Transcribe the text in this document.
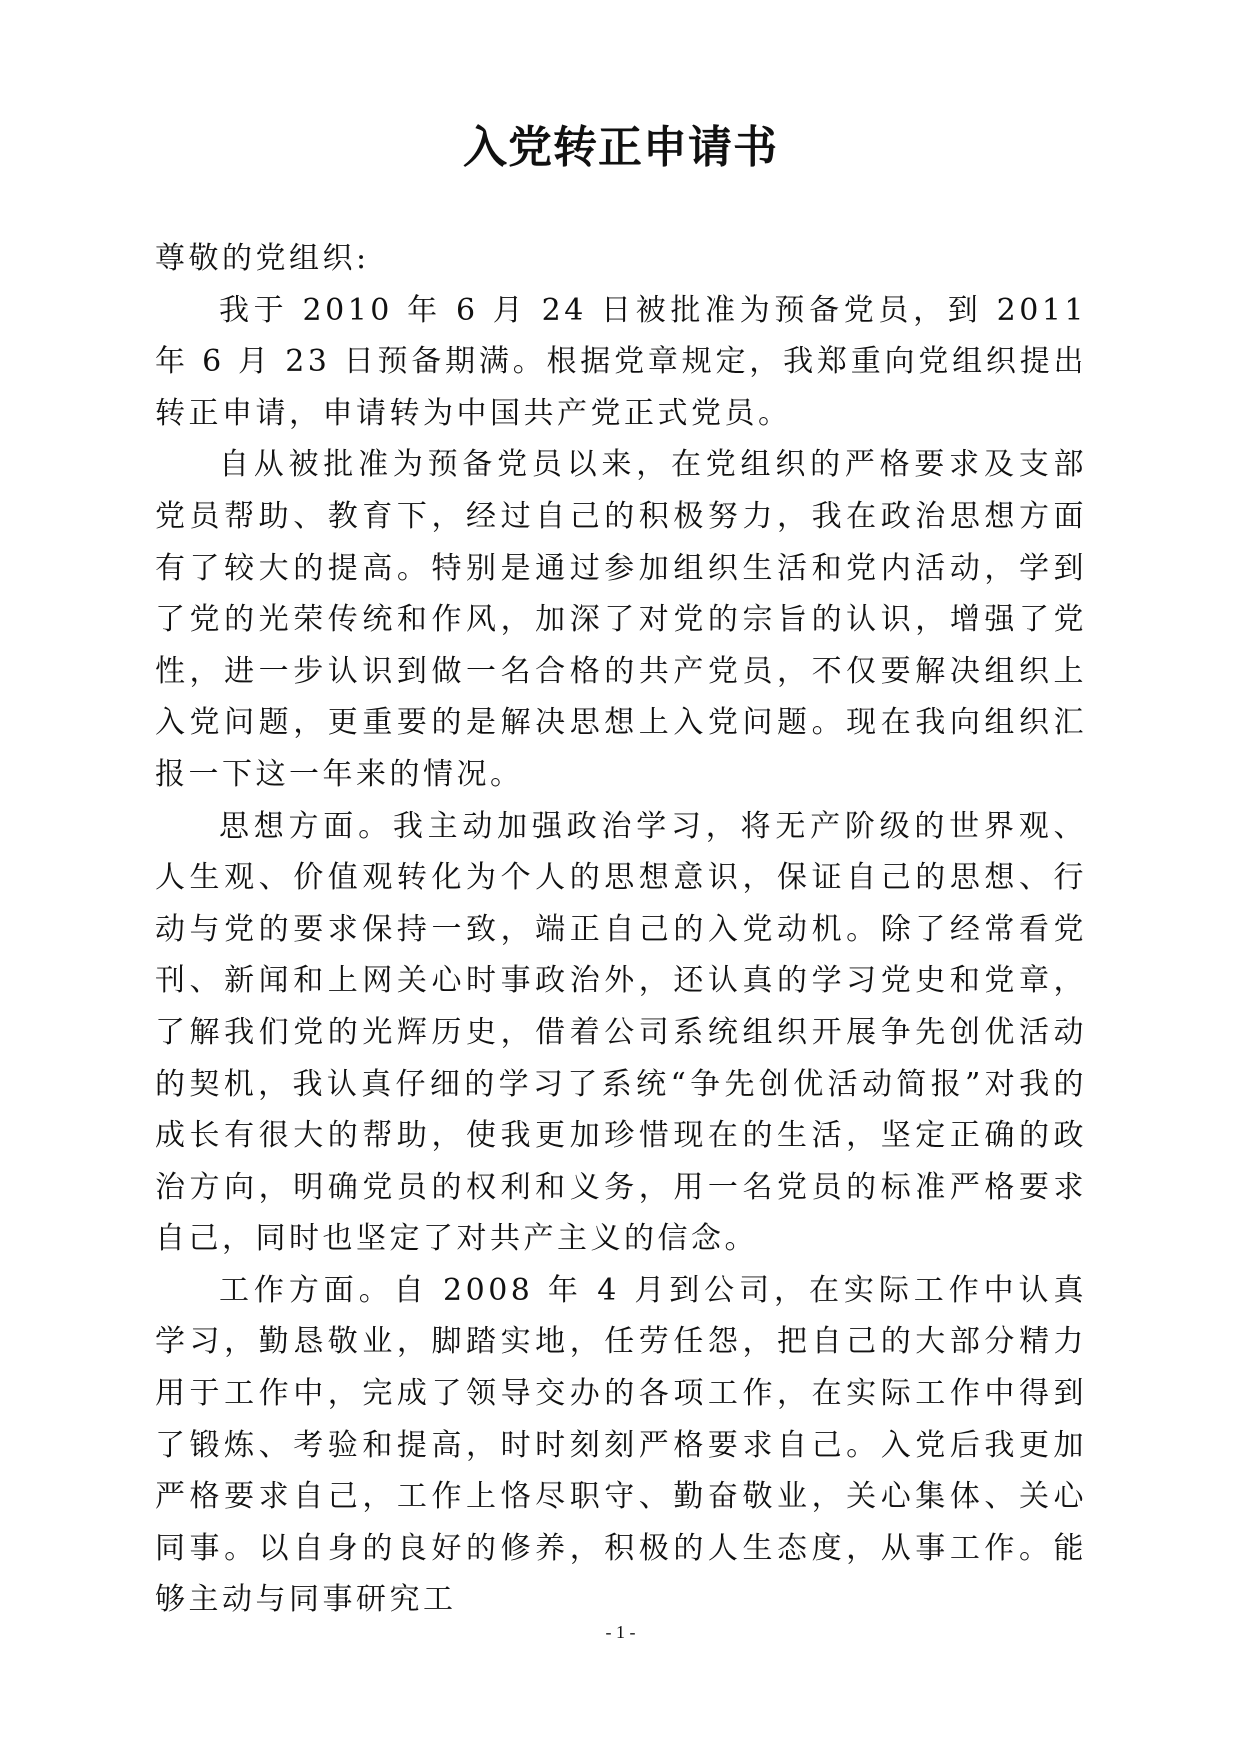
入党转正申请书

尊敬的党组织:

我于 2010 年 6 月 24 日被批准为预备党员，到 2011 年 6 月 23 日预备期满。根据党章规定，我郑重向党组织提出转正申请，申请转为中国共产党正式党员。

自从被批准为预备党员以来，在党组织的严格要求及支部党员帮助、教育下，经过自己的积极努力，我在政治思想方面有了较大的提高。特别是通过参加组织生活和党内活动，学到了党的光荣传统和作风，加深了对党的宗旨的认识，增强了党性，进一步认识到做一名合格的共产党员，不仅要解决组织上入党问题，更重要的是解决思想上入党问题。现在我向组织汇报一下这一年来的情况。

思想方面。我主动加强政治学习，将无产阶级的世界观、人生观、价值观转化为个人的思想意识，保证自己的思想、行动与党的要求保持一致，端正自己的入党动机。除了经常看党刊、新闻和上网关心时事政治外，还认真的学习党史和党章，了解我们党的光辉历史，借着公司系统组织开展争先创优活动的契机，我认真仔细的学习了系统“争先创优活动简报”对我的成长有很大的帮助，使我更加珍惜现在的生活，坚定正确的政治方向，明确党员的权利和义务，用一名党员的标准严格要求自己，同时也坚定了对共产主义的信念。

工作方面。自 2008 年 4 月到公司，在实际工作中认真学习，勤恳敬业，脚踏实地，任劳任怨，把自己的大部分精力用于工作中，完成了领导交办的各项工作，在实际工作中得到了锻炼、考验和提高，时时刻刻严格要求自己。入党后我更加严格要求自己，工作上恪尽职守、勤奋敬业，关心集体、关心同事。以自身的良好的修养，积极的人生态度，从事工作。能够主动与同事研究工

- 1 -
